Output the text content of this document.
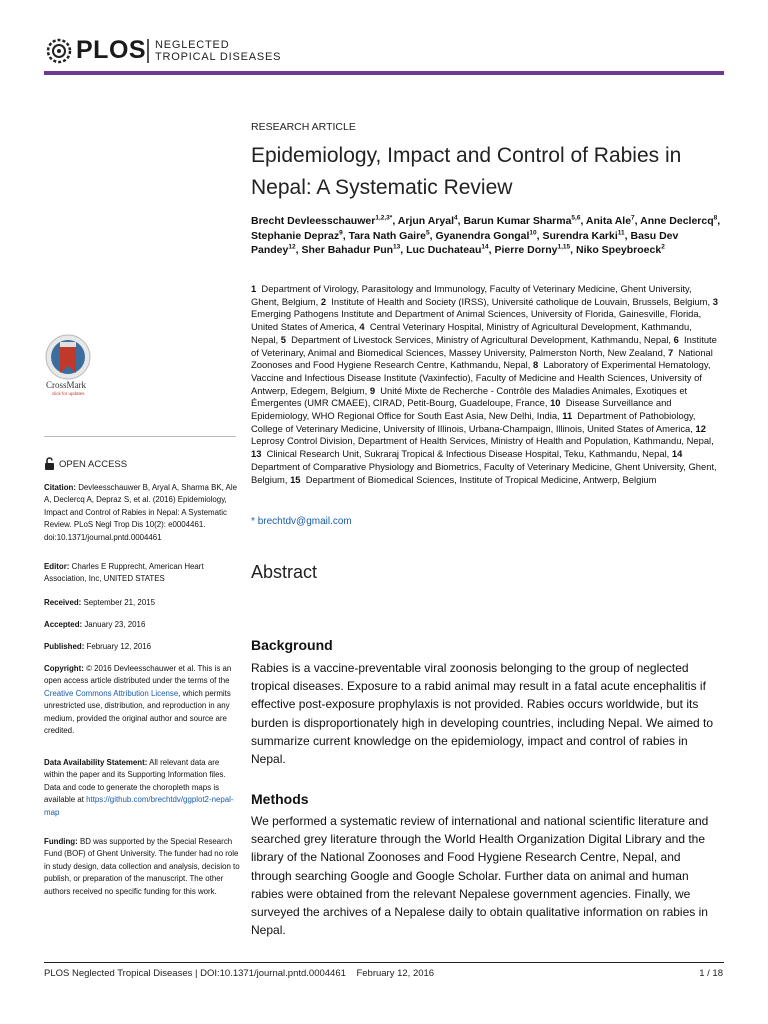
PLOS NEGLECTED
TROPICAL DISEASES
RESEARCH ARTICLE
Epidemiology, Impact and Control of Rabies in Nepal: A Systematic Review
Brecht Devleesschauwer$^{1,2,3*}$, Arjun Aryal$^4$, Barun Kumar Sharma$^{5,6}$, Anita Ale$^7$, Anne Declercq$^8$, Stephanie Depraz$^9$, Tara Nath Gaire$^5$, Gyanendra Gongal$^{10}$, Surendra Karki$^{11}$, Basu Dev Pandey$^{12}$, Sher Bahadur Pun$^{13}$, Luc Duchateau$^{14}$, Pierre Dorny$^{1,15}$, Niko Speybroeck$^2$
1  Department of Virology, Parasitology and Immunology, Faculty of Veterinary Medicine, Ghent University, Ghent, Belgium, 2  Institute of Health and Society (IRSS), Université catholique de Louvain, Brussels, Belgium, 3  Emerging Pathogens Institute and Department of Animal Sciences, University of Florida, Gainesville, Florida, United States of America, 4  Central Veterinary Hospital, Ministry of Agricultural Development, Kathmandu, Nepal, 5  Department of Livestock Services, Ministry of Agricultural Development, Kathmandu, Nepal, 6  Institute of Veterinary, Animal and Biomedical Sciences, Massey University, Palmerston North, New Zealand, 7  National Zoonoses and Food Hygiene Research Centre, Kathmandu, Nepal, 8  Laboratory of Experimental Hematology, Vaccine and Infectious Disease Institute (Vaxinfectio), Faculty of Medicine and Health Sciences, University of Antwerp, Edegem, Belgium, 9  Unité Mixte de Recherche - Contrôle des Maladies Animales, Exotiques et Émergentes (UMR CMAEE), CIRAD, Petit-Bourg, Guadeloupe, France, 10  Disease Surveillance and Epidemiology, WHO Regional Office for South East Asia, New Delhi, India, 11  Department of Pathobiology, College of Veterinary Medicine, University of Illinois, Urbana-Champaign, Illinois, United States of America, 12  Leprosy Control Division, Department of Health Services, Ministry of Health and Population, Kathmandu, Nepal, 13  Clinical Research Unit, Sukraraj Tropical & Infectious Disease Hospital, Teku, Kathmandu, Nepal, 14  Department of Comparative Physiology and Biometrics, Faculty of Veterinary Medicine, Ghent University, Ghent, Belgium, 15  Department of Biomedical Sciences, Institute of Tropical Medicine, Antwerp, Belgium
* brechtdv@gmail.com
Abstract
Background
Rabies is a vaccine-preventable viral zoonosis belonging to the group of neglected tropical diseases. Exposure to a rabid animal may result in a fatal acute encephalitis if effective post-exposure prophylaxis is not provided. Rabies occurs worldwide, but its burden is disproportionately high in developing countries, including Nepal. We aimed to summarize current knowledge on the epidemiology, impact and control of rabies in Nepal.
Methods
We performed a systematic review of international and national scientific literature and searched grey literature through the World Health Organization Digital Library and the library of the National Zoonoses and Food Hygiene Research Centre, Nepal, and through searching Google and Google Scholar. Further data on animal and human rabies were obtained from the relevant Nepalese government agencies. Finally, we surveyed the archives of a Nepalese daily to obtain qualitative information on rabies in Nepal.
CrossMark
click for updates
OPEN ACCESS
Citation: Devleesschauwer B, Aryal A, Sharma BK, Ale A, Declercq A, Depraz S, et al. (2016) Epidemiology, Impact and Control of Rabies in Nepal: A Systematic Review. PLoS Negl Trop Dis 10(2): e0004461. doi:10.1371/journal.pntd.0004461
Editor: Charles E Rupprecht, American Heart Association, Inc, UNITED STATES
Received: September 21, 2015
Accepted: January 23, 2016
Published: February 12, 2016
Copyright: © 2016 Devleesschauwer et al. This is an open access article distributed under the terms of the Creative Commons Attribution License, which permits unrestricted use, distribution, and reproduction in any medium, provided the original author and source are credited.
Data Availability Statement: All relevant data are within the paper and its Supporting Information files. Data and code to generate the choropleth maps is available at https://github.com/brechtdv/ggplot2-nepal-map
Funding: BD was supported by the Special Research Fund (BOF) of Ghent University. The funder had no role in study design, data collection and analysis, decision to publish, or preparation of the manuscript. The other authors received no specific funding for this work.
PLOS Neglected Tropical Diseases | DOI:10.1371/journal.pntd.0004461    February 12, 2016	1 / 18
